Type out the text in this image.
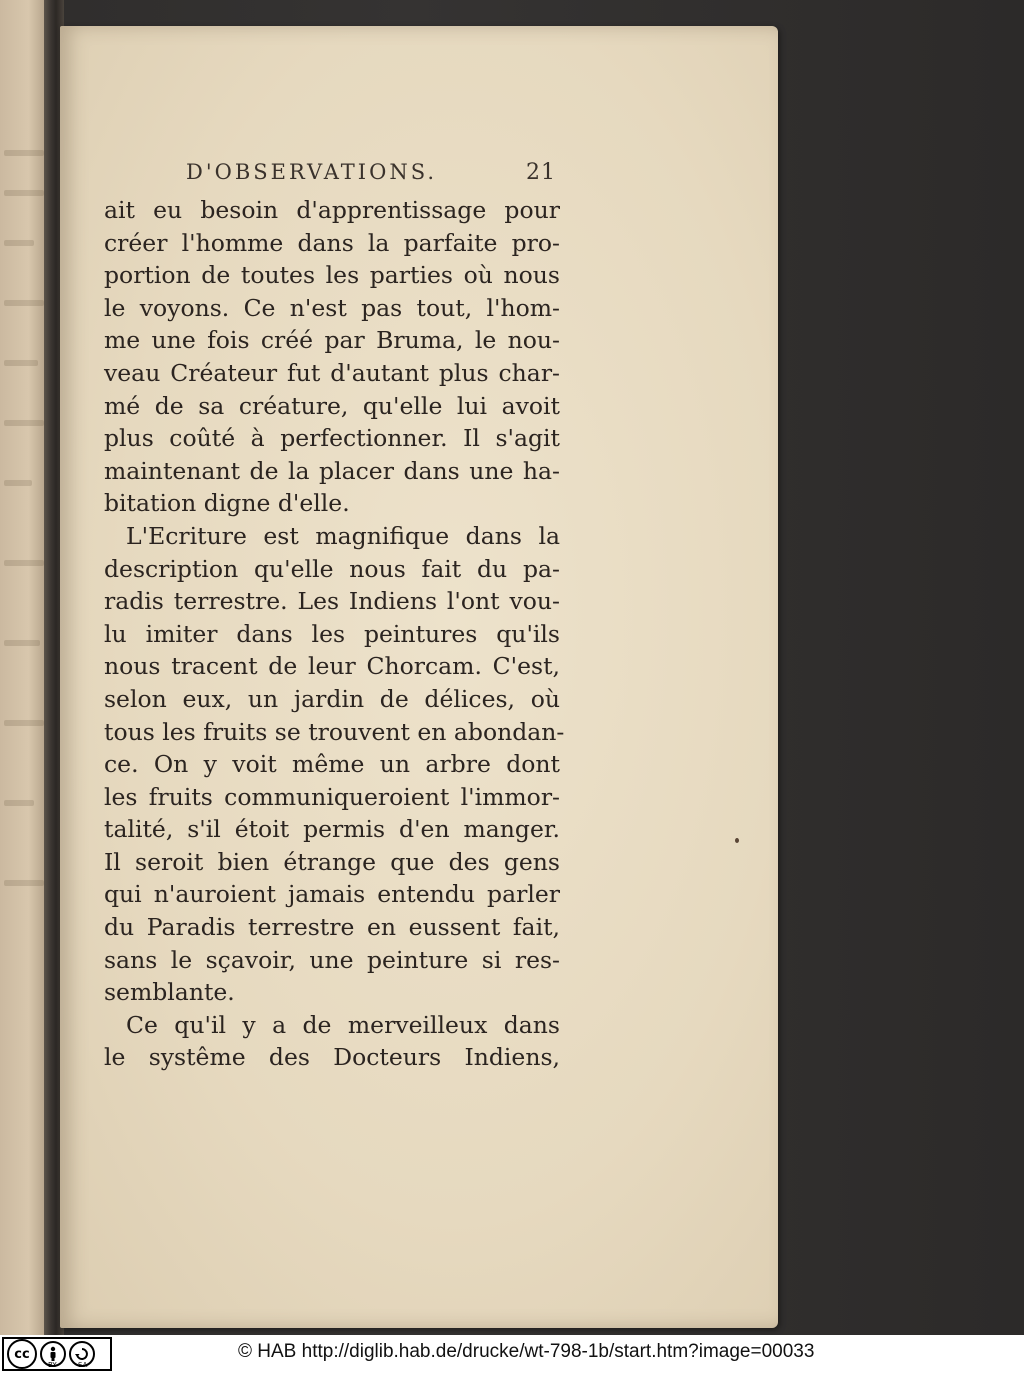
D'OBSERVATIONS.	21
ait eu besoin d'apprentissage pour
créer l'homme dans la parfaite pro-
portion de toutes les parties où nous
le voyons. Ce n'est pas tout, l'hom-
me une fois créé par Bruma, le nou-
veau Créateur fut d'autant plus char-
mé de sa créature, qu'elle lui avoit
plus coûté à perfectionner. Il s'agit
maintenant de la placer dans une ha-
bitation digne d'elle.
L'Ecriture est magnifique dans la
description qu'elle nous fait du pa-
radis terrestre. Les Indiens l'ont vou-
lu imiter dans les peintures qu'ils
nous tracent de leur Chorcam. C'est,
selon eux, un jardin de délices, où
tous les fruits se trouvent en abondan-
ce. On y voit même un arbre dont
les fruits communiqueroient l'immor-
talité, s'il étoit permis d'en manger.
Il seroit bien étrange que des gens
qui n'auroient jamais entendu parler
du Paradis terrestre en eussent fait,
sans le sçavoir, une peinture si res-
semblante.
Ce qu'il y a de merveilleux dans
le systême des Docteurs Indiens,
cc
BY	SA
© HAB http://diglib.hab.de/drucke/wt-798-1b/start.htm?image=00033
